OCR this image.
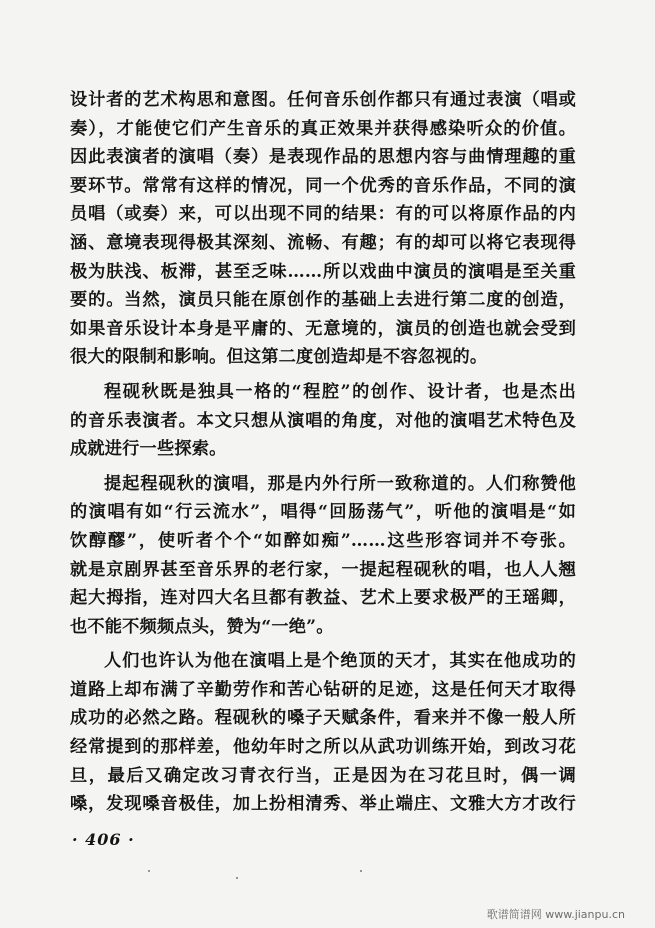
设计者的艺术构思和意图。任何音乐创作都只有通过表演（唱或
奏），才能使它们产生音乐的真正效果并获得感染听众的价值。
因此表演者的演唱（奏）是表现作品的思想内容与曲情理趣的重
要环节。常常有这样的情况，同一个优秀的音乐作品，不同的演
员唱（或奏）来，可以出现不同的结果：有的可以将原作品的内
涵、意境表现得极其深刻、流畅、有趣；有的却可以将它表现得
极为肤浅、板滞，甚至乏味……所以戏曲中演员的演唱是至关重
要的。当然，演员只能在原创作的基础上去进行第二度的创造，
如果音乐设计本身是平庸的、无意境的，演员的创造也就会受到
很大的限制和影响。但这第二度创造却是不容忽视的。
程砚秋既是独具一格的“程腔”的创作、设计者，也是杰出
的音乐表演者。本文只想从演唱的角度，对他的演唱艺术特色及
成就进行一些探索。
提起程砚秋的演唱，那是内外行所一致称道的。人们称赞他
的演唱有如“行云流水”，唱得“回肠荡气”，听他的演唱是“如
饮醇醪”，使听者个个“如醉如痴”……这些形容词并不夸张。
就是京剧界甚至音乐界的老行家，一提起程砚秋的唱，也人人翘
起大拇指，连对四大名旦都有教益、艺术上要求极严的王瑶卿，
也不能不频频点头，赞为“一绝”。
人们也许认为他在演唱上是个绝顶的天才，其实在他成功的
道路上却布满了辛勤劳作和苦心钻研的足迹，这是任何天才取得
成功的必然之路。程砚秋的嗓子天赋条件，看来并不像一般人所
经常提到的那样差，他幼年时之所以从武功训练开始，到改习花
旦，最后又确定改习青衣行当，正是因为在习花旦时，偶一调
嗓，发现嗓音极佳，加上扮相清秀、举止端庄、文雅大方才改行
· 406 ·
歌谱简谱网 www.jianpu.cn
